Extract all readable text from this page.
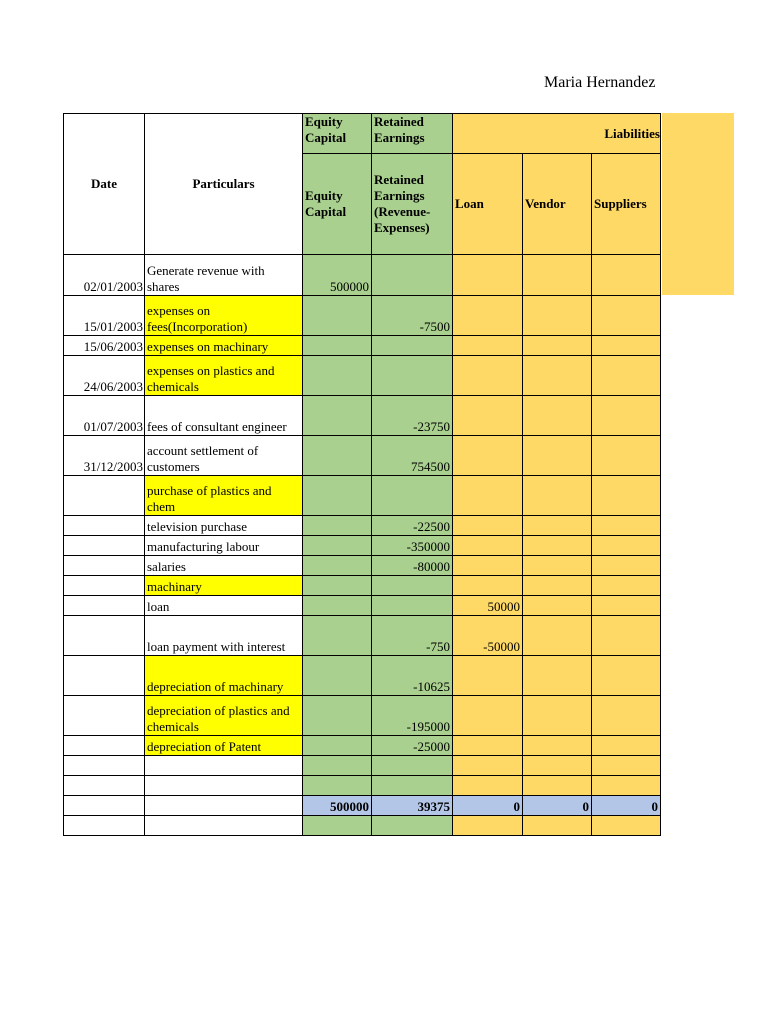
Maria Hernandez
Date	Particulars	Equity Capital	Retained Earnings	Liabilities		
		Equity Capital	Retained Earnings (Revenue-Expenses)	Loan	Vendor	Suppliers
02/01/2003	Generate revenue with shares	500000				
15/01/2003	expenses on fees(Incorporation)		-7500			
15/06/2003	expenses on machinary					
24/06/2003	expenses on plastics and chemicals					
01/07/2003	fees of consultant engineer		-23750			
31/12/2003	account settlement of customers		754500			
	purchase of plastics and chem					
	television purchase		-22500			
	manufacturing labour		-350000			
	salaries		-80000			
	machinary					
	loan			50000		
	loan payment with interest		-750	-50000		
	depreciation of machinary		-10625			
	depreciation of plastics and chemicals		-195000			
	depreciation of Patent		-25000			

		500000	39375	0	0	0
